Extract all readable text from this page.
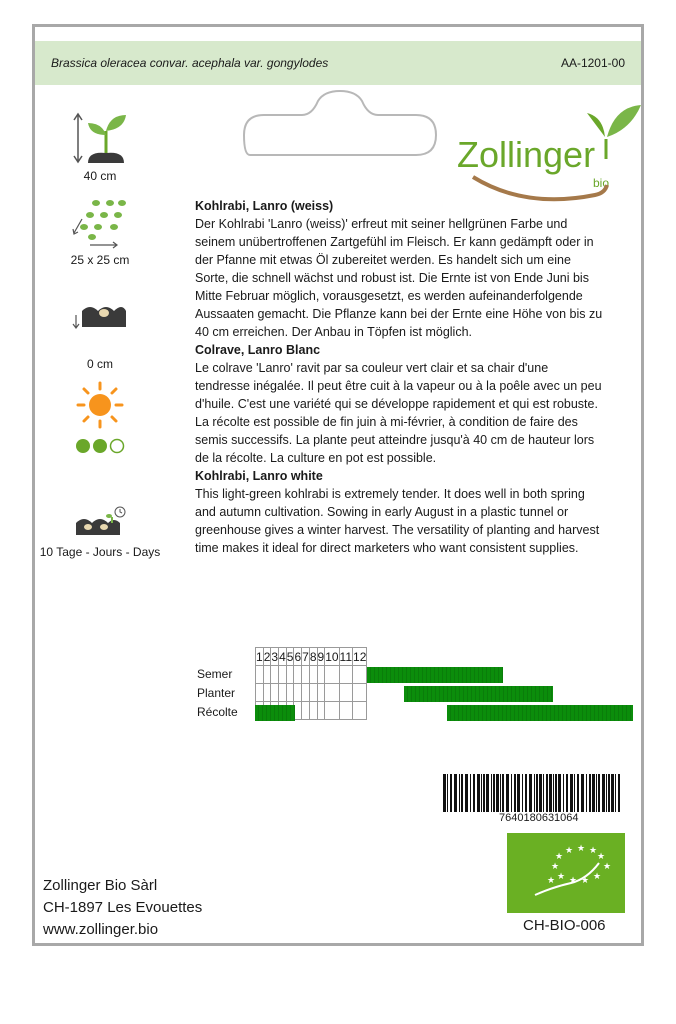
Brassica oleracea convar. acephala var. gongylodes	AA-1201-00
Zollinger
bio
40 cm
25 x 25 cm
0 cm
10 Tage - Jours - Days
Kohlrabi, Lanro (weiss)
Der Kohlrabi 'Lanro (weiss)' erfreut mit seiner hellgrünen Farbe und seinem unübertroffenen Zartgefühl im Fleisch. Er kann gedämpft oder in der Pfanne mit etwas Öl zubereitet werden. Es handelt sich um eine Sorte, die schnell wächst und robust ist. Die Ernte ist von Ende Juni bis Mitte Februar möglich, vorausgesetzt, es werden aufeinanderfolgende Aussaaten gemacht. Die Pflanze kann bei der Ernte eine Höhe von bis zu 40 cm erreichen. Der Anbau in Töpfen ist möglich.
Colrave, Lanro Blanc
Le colrave 'Lanro' ravit par sa couleur vert clair et sa chair d'une tendresse inégalée. Il peut être cuit à la vapeur ou à la poêle avec un peu d'huile. C'est une variété qui se développe rapidement et qui est robuste. La récolte est possible de fin juin à mi-février, à condition de faire des semis successifs. La plante peut atteindre jusqu'à 40 cm de hauteur lors de la récolte. La culture en pot est possible.
Kohlrabi, Lanro white
This light-green kohlrabi is extremely tender. It does well in both spring and autumn cultivation. Sowing in early August in a plastic tunnel or greenhouse gives a winter harvest. The versatility of planting and harvest time makes it ideal for direct marketers who want consistent supplies.
1	2	3	4	5	6	7	8	9	10	11	12

Semer
Planter
Récolte
7640180631064
★ ★ ★
★
★
★	★
★ ★ ★ ★
★
Zollinger Bio Sàrl
CH-1897 Les Evouettes
www.zollinger.bio	CH-BIO-006
